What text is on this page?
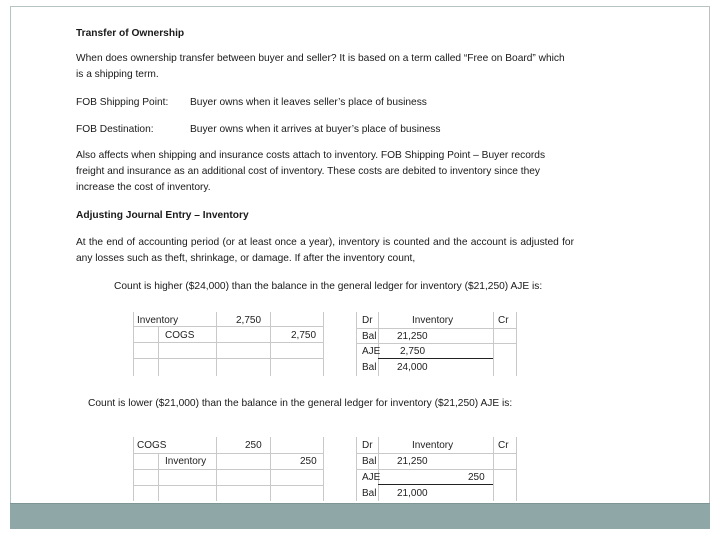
Transfer of Ownership
When does ownership transfer between buyer and seller? It is based on a term called “Free on Board” which is a shipping term.
FOB Shipping Point: Buyer owns when it leaves seller’s place of business
FOB Destination:	Buyer owns when it arrives at buyer’s place of business
Also affects when shipping and insurance costs attach to inventory. FOB Shipping Point – Buyer records freight and insurance as an additional cost of inventory. These costs are debited to inventory since they increase the cost of inventory.
Adjusting Journal Entry – Inventory
At the end of accounting period (or at least once a year), inventory is counted and the account is adjusted for any losses such as theft, shrinkage, or damage. If after the inventory count,
Count is higher ($24,000) than the balance in the general ledger for inventory ($21,250) AJE is:
Inventory	2,750
COGS	2,750
Dr	Inventory	Cr
Bal 21,250
AJE 2,750
Bal 24,000
Count is lower ($21,000) than the balance in the general ledger for inventory ($21,250) AJE is:
COGS	250
Inventory	250
Dr	Inventory	Cr
Bal 21,250
AJE	250
Bal 21,000
